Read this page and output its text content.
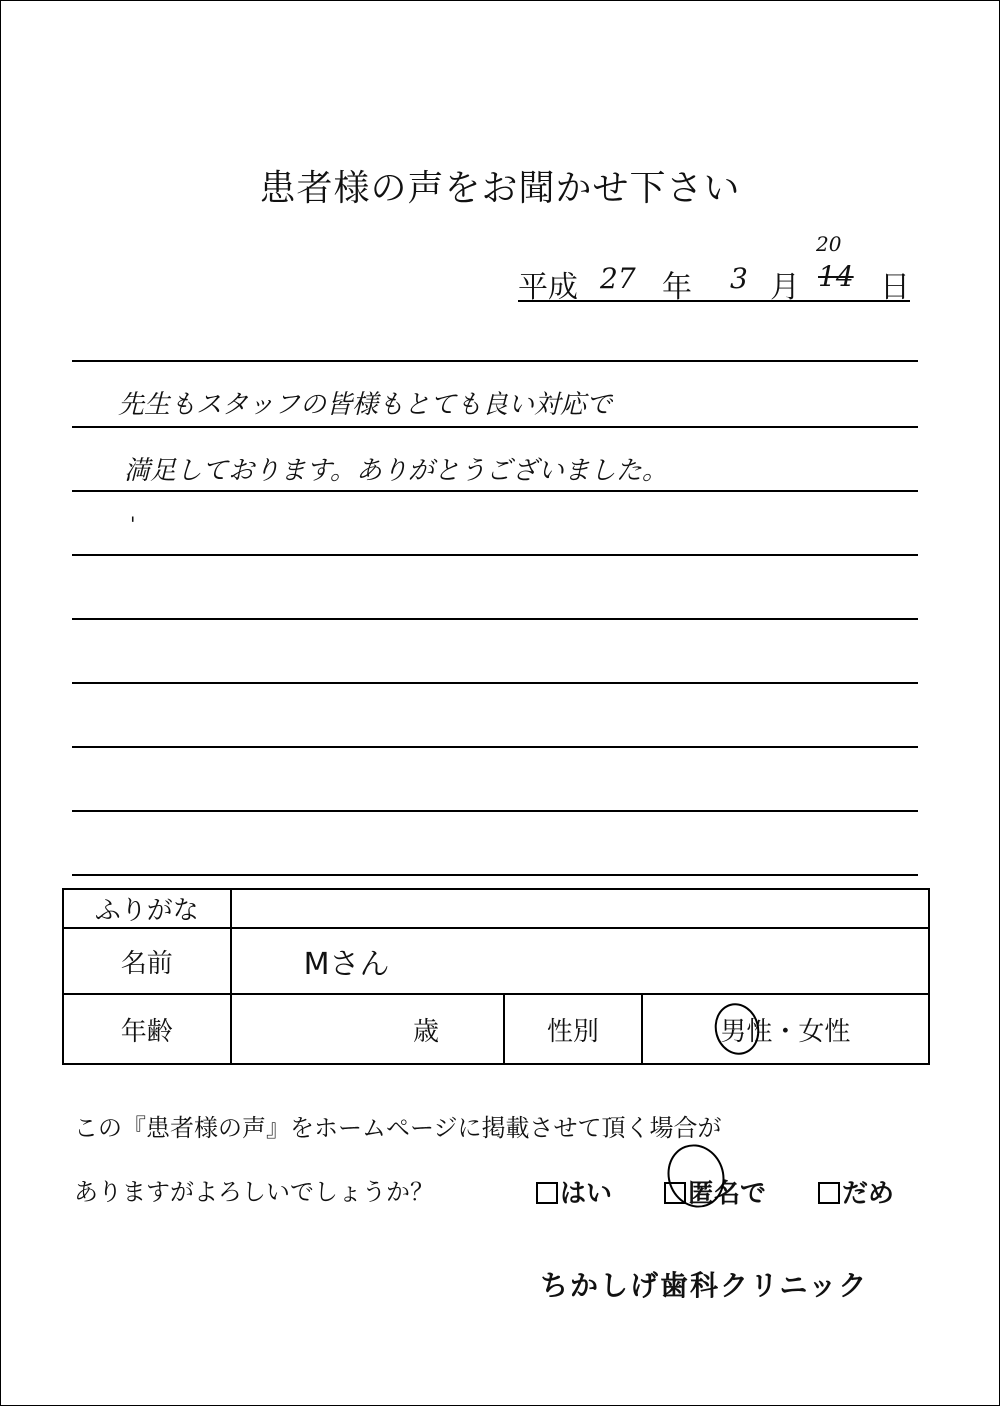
患者様の声をお聞かせ下さい
平成 27 年 3 月 14
20
日
先生もスタッフの皆様もとても良い対応で
満足しております。ありがとうございました。
'
ふりがな			
名前	Mさん		
年齢	歳	性別	男性・女性
この『患者様の声』をホームページに掲載させて頂く場合が
ありますがよろしいでしょうか？	はい	匿名で	だめ
ちかしげ歯科クリニック
